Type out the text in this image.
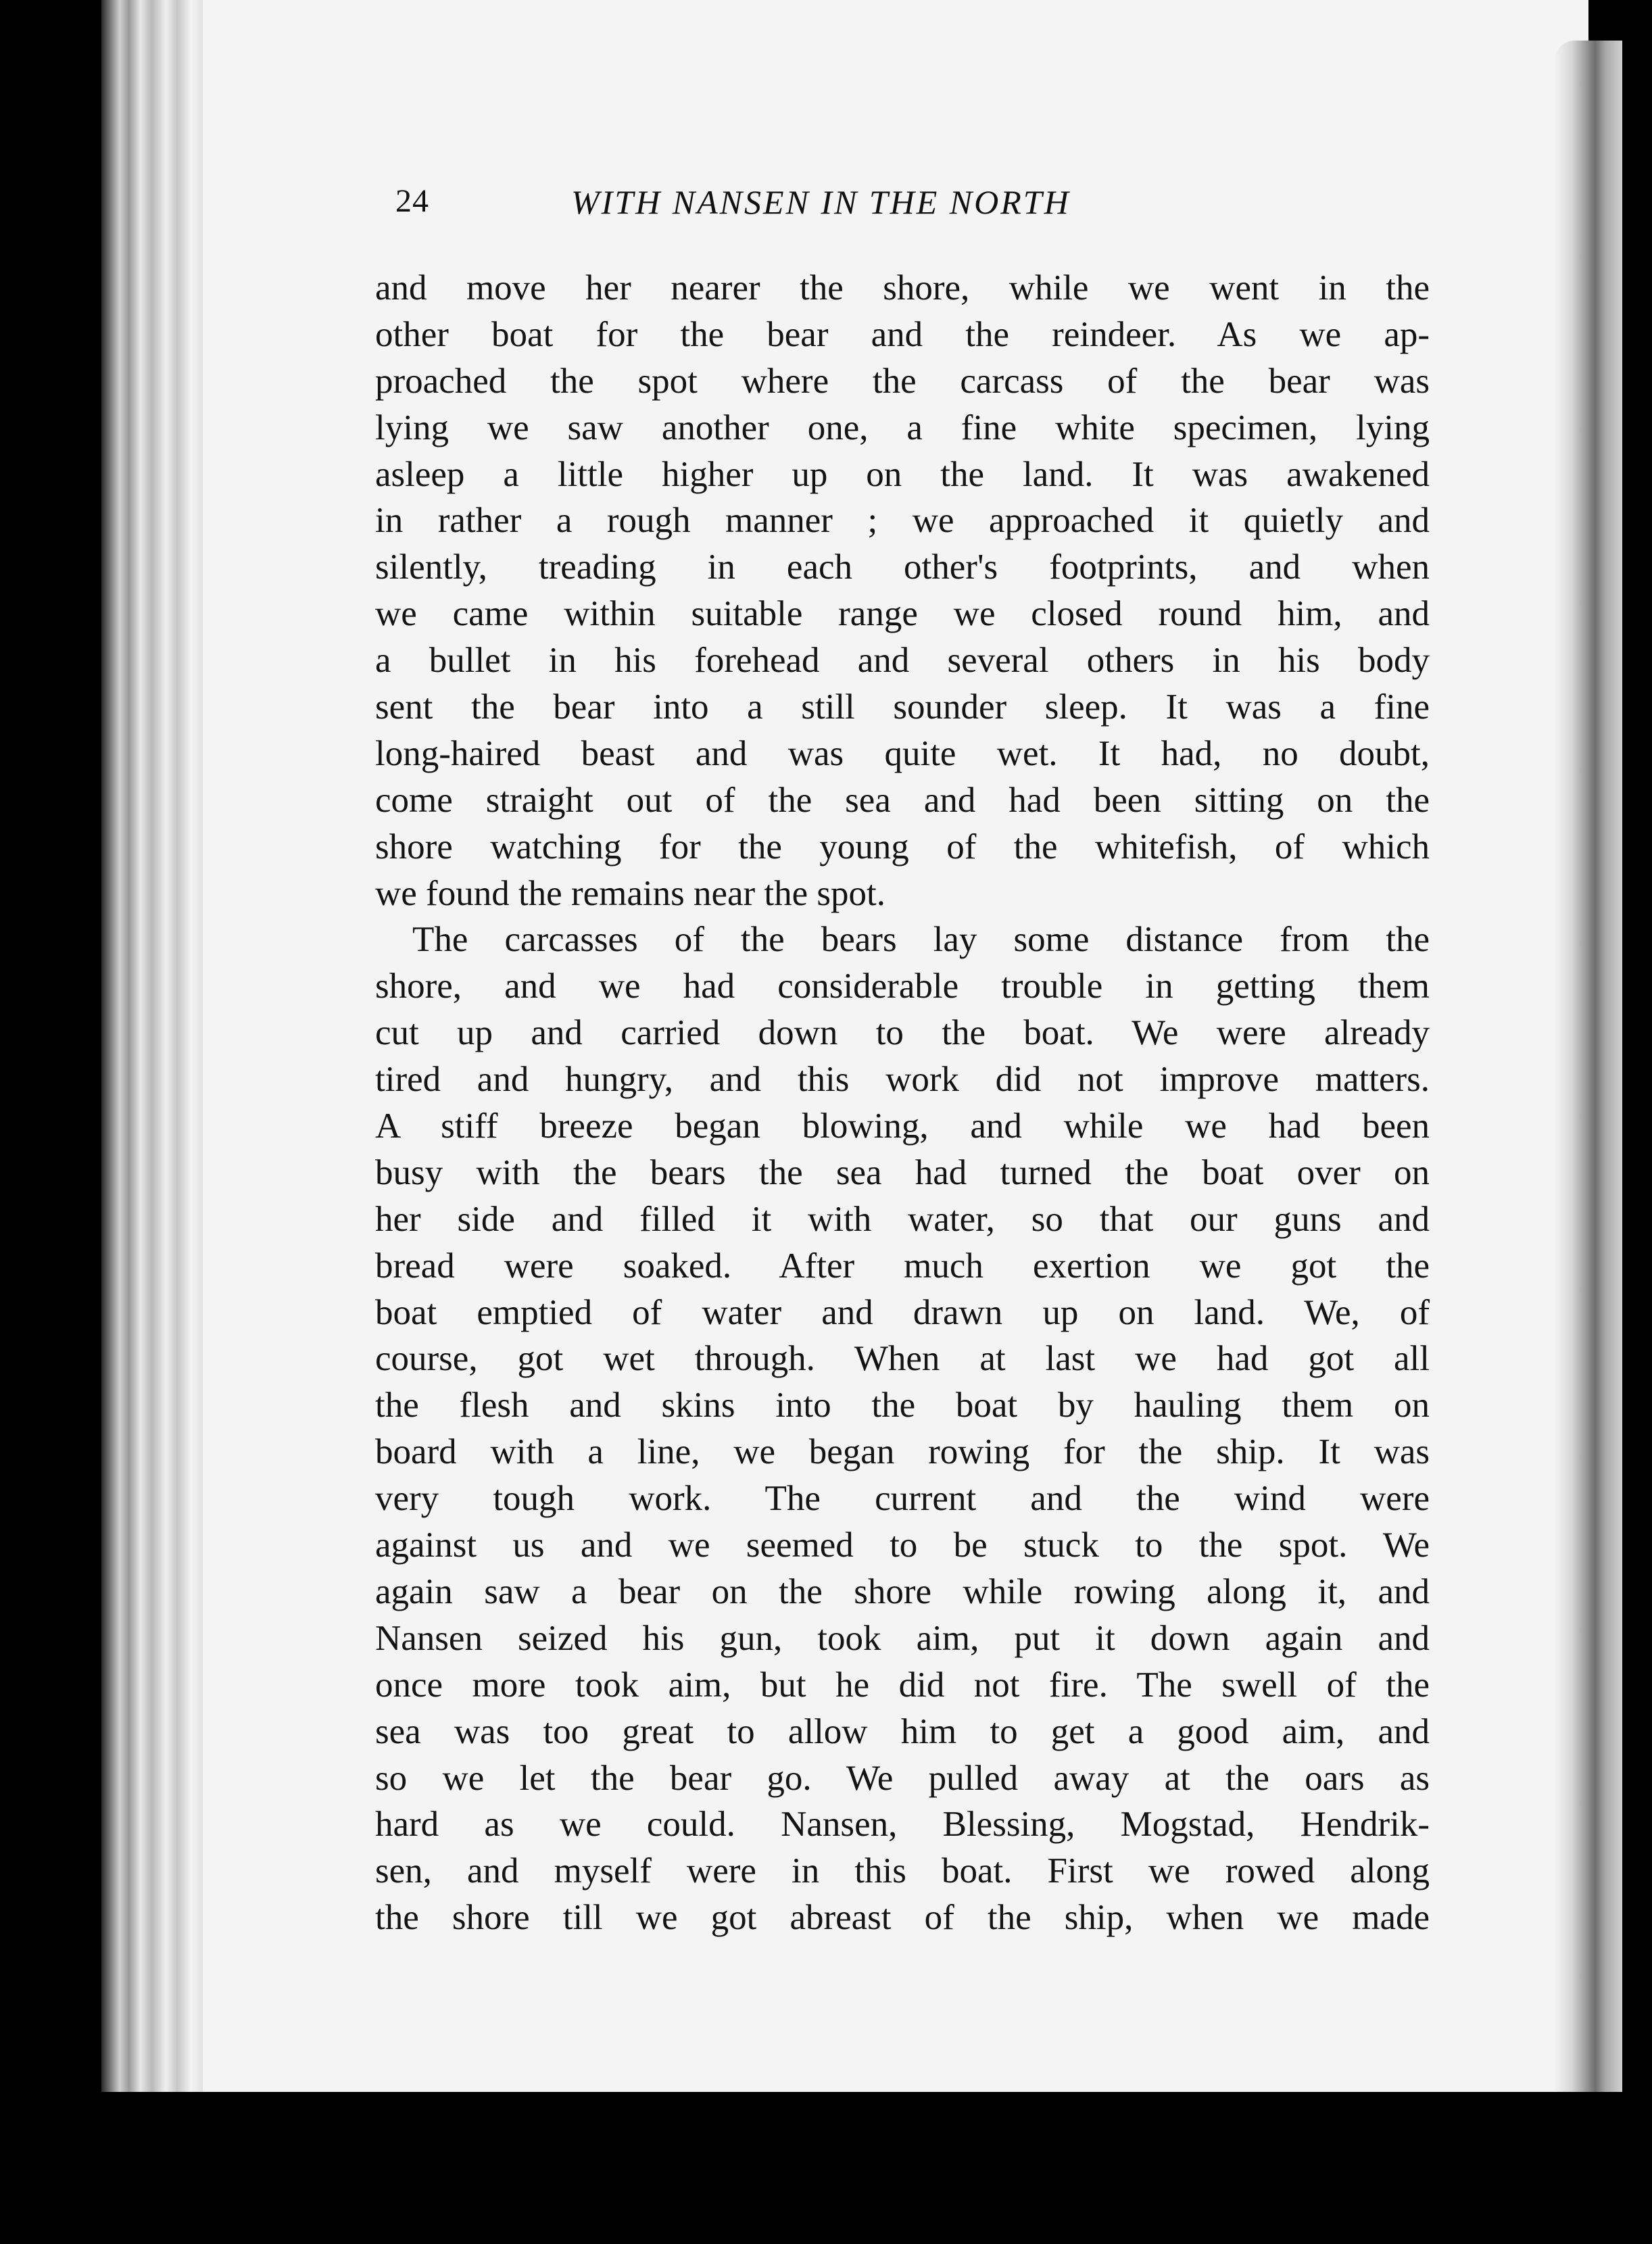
24	WITH NANSEN IN THE NORTH
and move her nearer the shore, while we went in the
other boat for the bear and the reindeer. As we ap-
proached the spot where the carcass of the bear was
lying we saw another one, a fine white specimen, lying
asleep a little higher up on the land. It was awakened
in rather a rough manner ; we approached it quietly and
silently, treading in each other's footprints, and when
we came within suitable range we closed round him, and
a bullet in his forehead and several others in his body
sent the bear into a still sounder sleep. It was a fine
long-haired beast and was quite wet. It had, no doubt,
come straight out of the sea and had been sitting on the
shore watching for the young of the whitefish, of which
we found the remains near the spot.
The carcasses of the bears lay some distance from the
shore, and we had considerable trouble in getting them
cut up and carried down to the boat. We were already
tired and hungry, and this work did not improve matters.
A stiff breeze began blowing, and while we had been
busy with the bears the sea had turned the boat over on
her side and filled it with water, so that our guns and
bread were soaked. After much exertion we got the
boat emptied of water and drawn up on land. We, of
course, got wet through. When at last we had got all
the flesh and skins into the boat by hauling them on
board with a line, we began rowing for the ship. It was
very tough work. The current and the wind were
against us and we seemed to be stuck to the spot. We
again saw a bear on the shore while rowing along it, and
Nansen seized his gun, took aim, put it down again and
once more took aim, but he did not fire. The swell of the
sea was too great to allow him to get a good aim, and
so we let the bear go. We pulled away at the oars as
hard as we could. Nansen, Blessing, Mogstad, Hendrik-
sen, and myself were in this boat. First we rowed along
the shore till we got abreast of the ship, when we made
